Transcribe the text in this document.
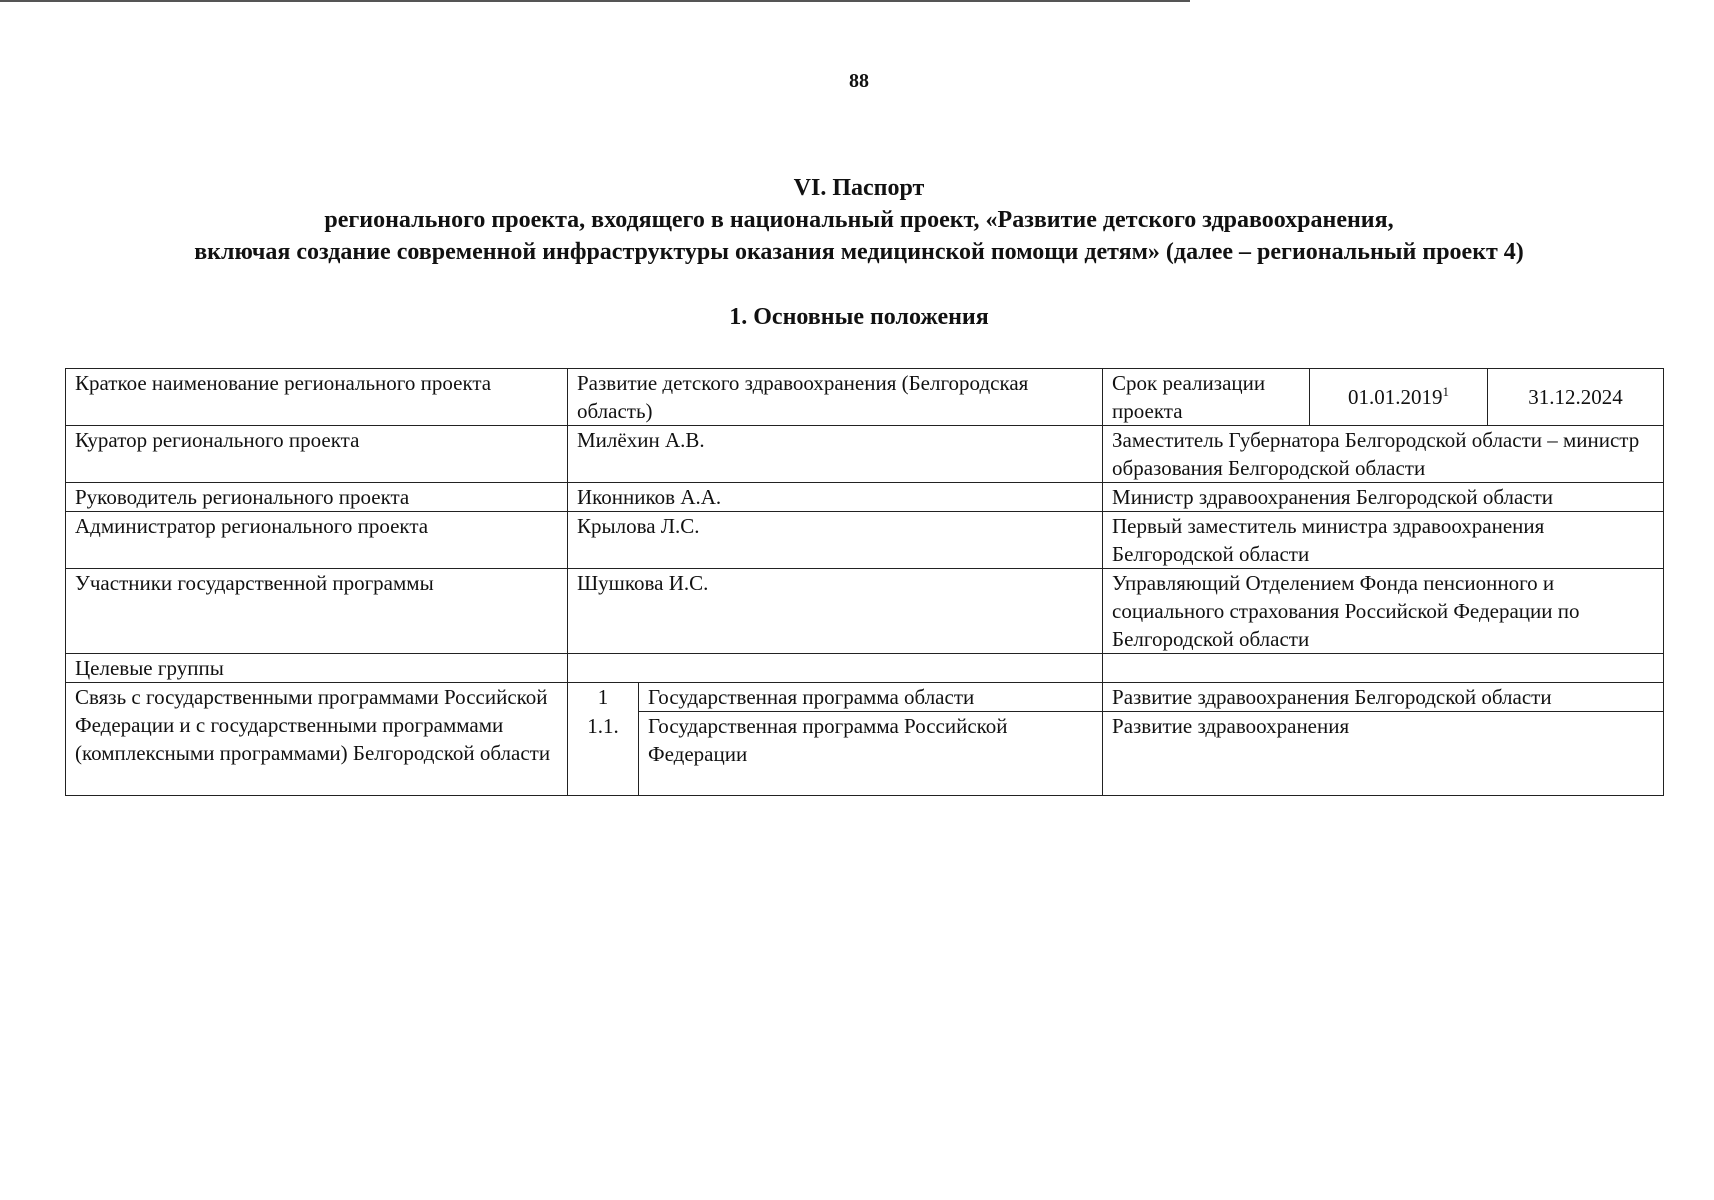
88
VI. Паспорт
регионального проекта, входящего в национальный проект, «Развитие детского здравоохранения,
включая создание современной инфраструктуры оказания медицинской помощи детям» (далее – региональный проект 4)
1. Основные положения
Краткое наименование регионального проекта	Развитие детского здравоохранения (Белгородская область)		Срок реализации проекта	01.01.2019$^1$	31.12.2024
Куратор регионального проекта	Милёхин А.В.		Заместитель Губернатора Белгородской области – министр образования Белгородской области		
Руководитель регионального проекта	Иконников А.А.		Министр здравоохранения Белгородской области		
Администратор регионального проекта	Крылова Л.С.		Первый заместитель министра здравоохранения Белгородской области		
Участники государственной программы	Шушкова И.С.		Управляющий Отделением Фонда пенсионного и социального страхования Российской Федерации по Белгородской области		
Целевые группы					
Связь с государственными программами Российской Федерации и с государственными программами (комплексными программами) Белгородской области	1	Государственная программа области	Развитие здравоохранения Белгородской области		
	1.1.	Государственная программа Российской Федерации	Развитие здравоохранения		
